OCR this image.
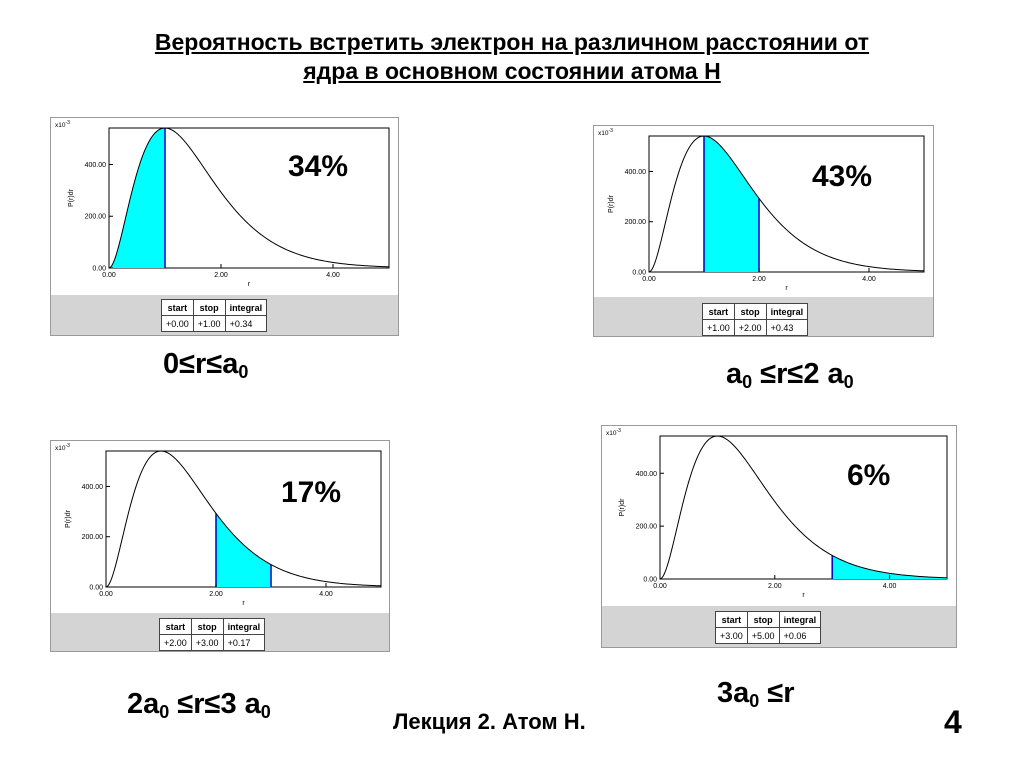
Вероятность встретить электрон на различном расстоянии от
ядра в основном состоянии атома Н
0.00	2.00	4.00
0.00
200.00
400.00
r
P(r)dr
$x10^{-3}$
start	stop	integral
+0.00	+1.00	+0.34
0.00	2.00	4.00
0.00
200.00
400.00
r
P(r)dr
$x10^{-3}$
start	stop	integral
+1.00	+2.00	+0.43
0.00	2.00	4.00
0.00
200.00
400.00
r
P(r)dr
$x10^{-3}$
start	stop	integral
+2.00	+3.00	+0.17
0.00	2.00	4.00
0.00
200.00
400.00
r
P(r)dr
$x10^{-3}$
start	stop	integral
+3.00	+5.00	+0.06
34%	43%
17%
6%
$0\le r\le a_0$	$a_0 \le r\le 2$ $a_0$
$2a_0 \le r\le 3$ $a_0$
$3a_0 \le r$
Лекция 2. Атом Н.	4
